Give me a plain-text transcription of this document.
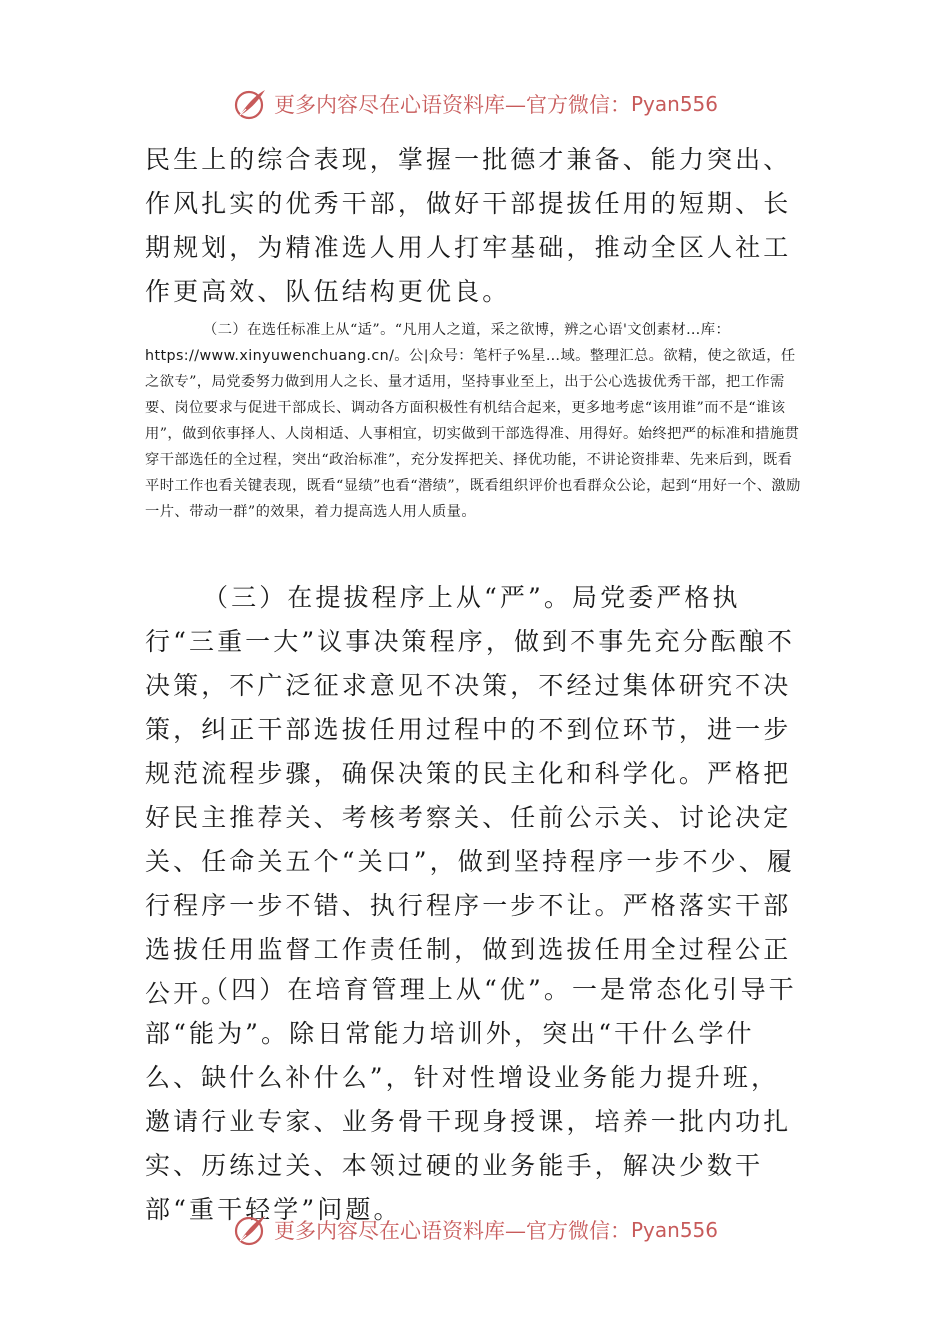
更多内容尽在心语资料库—官方微信： Pyan556

民生上的综合表现，掌握一批德才兼备、能力突出、作风扎实的优秀干部，做好干部提拔任用的短期、长期规划，为精准选人用人打牢基础，推动全区人社工作更高效、队伍结构更优良。

（二）在选任标准上从“适”。“凡用人之道，采之欲博，辨之心语'文创素材…库：https://www.xinyuwenchuang.cn/。公|众号：笔杆子%星…域。整理汇总。欲精，使之欲适，任之欲专”，局党委努力做到用人之长、量才适用，坚持事业至上，出于公心选拔优秀干部，把工作需要、岗位要求与促进干部成长、调动各方面积极性有机结合起来，更多地考虑“该用谁”而不是“谁该用”，做到依事择人、人岗相适、人事相宜，切实做到干部选得准、用得好。始终把严的标准和措施贯穿干部选任的全过程，突出“政治标准”，充分发挥把关、择优功能，不讲论资排辈、先来后到，既看平时工作也看关键表现，既看“显绩”也看“潜绩”，既看组织评价也看群众公论，起到“用好一个、激励一片、带动一群”的效果，着力提高选人用人质量。

（三）在提拔程序上从“严”。局党委严格执行“三重一大”议事决策程序，做到不事先充分酝酿不决策，不广泛征求意见不决策，不经过集体研究不决策，纠正干部选拔任用过程中的不到位环节，进一步规范流程步骤，确保决策的民主化和科学化。严格把好民主推荐关、考核考察关、任前公示关、讨论决定关、任命关五个“关口”，做到坚持程序一步不少、履行程序一步不错、执行程序一步不让。严格落实干部选拔任用监督工作责任制，做到选拔任用全过程公正公开。

（四）在培育管理上从“优”。一是常态化引导干部“能为”。除日常能力培训外，突出“干什么学什么、缺什么补什么”，针对性增设业务能力提升班，邀请行业专家、业务骨干现身授课，培养一批内功扎实、历练过关、本领过硬的业务能手，解决少数干部“重干轻学”问题。

更多内容尽在心语资料库—官方微信： Pyan556
